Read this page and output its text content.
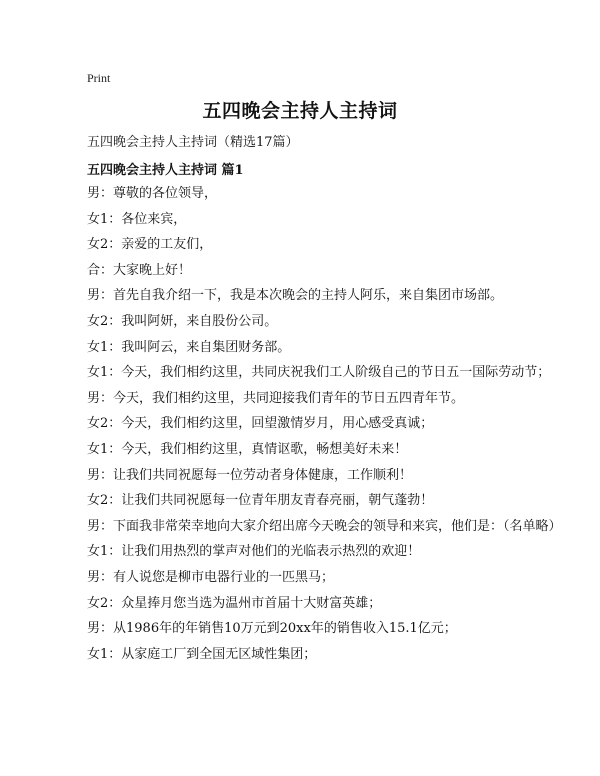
Print
五四晚会主持人主持词
五四晚会主持人主持词（精选17篇）
五四晚会主持人主持词 篇1
男：尊敬的各位领导，
女1：各位来宾，
女2：亲爱的工友们，
合：大家晚上好！
男：首先自我介绍一下，我是本次晚会的主持人阿乐，来自集团市场部。
女2：我叫阿妍，来自股份公司。
女1：我叫阿云，来自集团财务部。
女1：今天，我们相约这里，共同庆祝我们工人阶级自己的节日五一国际劳动节；
男：今天，我们相约这里，共同迎接我们青年的节日五四青年节。
女2：今天，我们相约这里，回望激情岁月，用心感受真诚；
女1：今天，我们相约这里，真情讴歌，畅想美好未来！
男：让我们共同祝愿每一位劳动者身体健康，工作顺利！
女2：让我们共同祝愿每一位青年朋友青春亮丽，朝气蓬勃！
男：下面我非常荣幸地向大家介绍出席今天晚会的领导和来宾，他们是：（名单略）
女1：让我们用热烈的掌声对他们的光临表示热烈的欢迎！
男：有人说您是柳市电器行业的一匹黑马；
女2：众星捧月您当选为温州市首届十大财富英雄；
男：从1986年的年销售10万元到20xx年的销售收入15.1亿元；
女1：从家庭工厂到全国无区域性集团；
